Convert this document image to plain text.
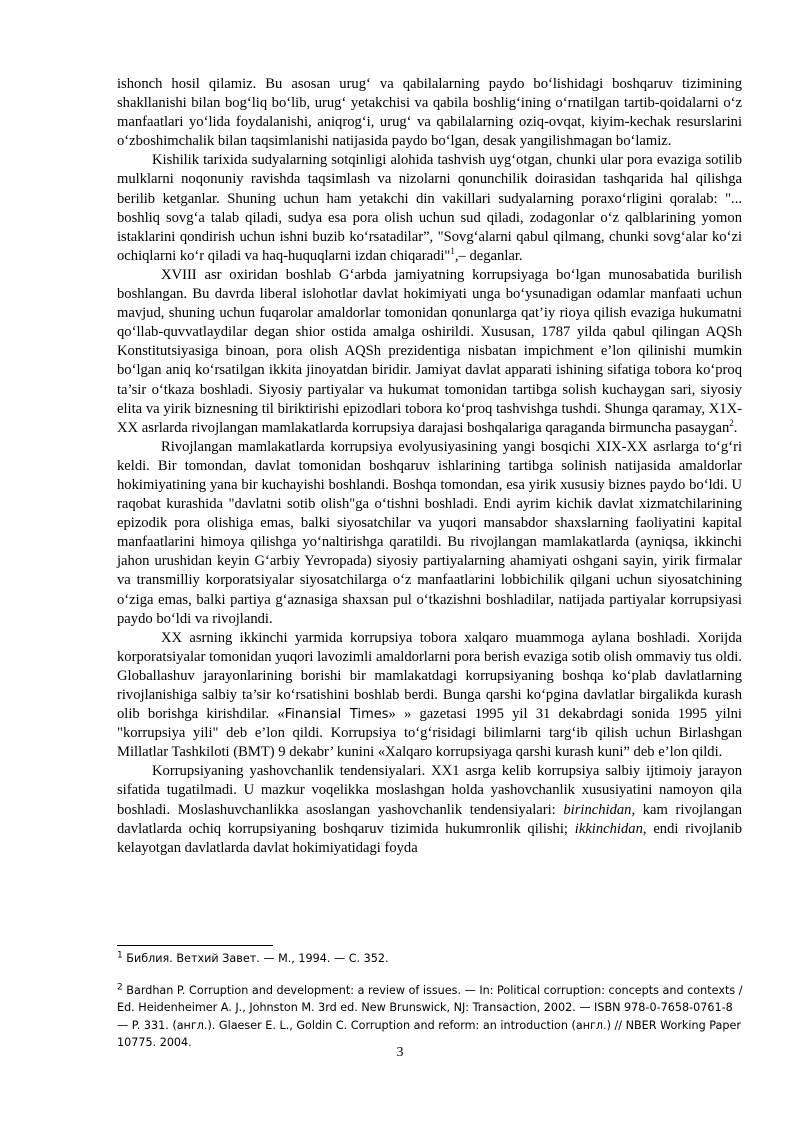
ishonch hosil qilamiz. Bu asosan urug‘ va qabilalarning paydo bo‘lishidagi boshqaruv tizimining shakllanishi bilan bog‘liq bo‘lib, urug‘ yetakchisi va qabila boshlig‘ining o‘rnatilgan tartib-qoidalarni o‘z manfaatlari yo‘lida foydalanishi, aniqrog‘i, urug‘ va qabilalarning oziq-ovqat, kiyim-kechak resurslarini o‘zboshimchalik bilan taqsimlanishi natijasida paydo bo‘lgan, desak yangilishmagan bo‘lamiz.

Kishilik tarixida sudyalarning sotqinligi alohida tashvish uyg‘otgan, chunki ular pora evaziga sotilib mulklarni noqonuniy ravishda taqsimlash va nizolarni qonunchilik doirasidan tashqarida hal qilishga berilib ketganlar. Shuning uchun ham yetakchi din vakillari sudyalarning poraxo‘rligini qoralab: "... boshliq sovg‘a talab qiladi, sudya esa pora olish uchun sud qiladi, zodagonlar o‘z qalblarining yomon istaklarini qondirish uchun ishni buzib ko‘rsatadilar”, "Sovg‘alarni qabul qilmang, chunki sovg‘alar ko‘zi ochiqlarni ko‘r qiladi va haq-huquqlarni izdan chiqaradi"$^1$,– deganlar.

XVIII asr oxiridan boshlab G‘arbda jamiyatning korrupsiyaga bo‘lgan munosabatida burilish boshlangan. Bu davrda liberal islohotlar davlat hokimiyati unga bo‘ysunadigan odamlar manfaati uchun mavjud, shuning uchun fuqarolar amaldorlar tomonidan qonunlarga qat’iy rioya qilish evaziga hukumatni qo‘llab-quvvatlaydilar degan shior ostida amalga oshirildi. Xususan, 1787 yilda qabul qilingan AQSh Konstitutsiyasiga binoan, pora olish AQSh prezidentiga nisbatan impichment e’lon qilinishi mumkin bo‘lgan aniq ko‘rsatilgan ikkita jinoyatdan biridir. Jamiyat davlat apparati ishining sifatiga tobora ko‘proq ta’sir o‘tkaza boshladi. Siyosiy partiyalar va hukumat tomonidan tartibga solish kuchaygan sari, siyosiy elita va yirik biznesning til biriktirishi epizodlari tobora ko‘proq tashvishga tushdi. Shunga qaramay, X1X-XX asrlarda rivojlangan mamlakatlarda korrupsiya darajasi boshqalariga qaraganda birmuncha pasaygan$^2$.

Rivojlangan mamlakatlarda korrupsiya evolyusiyasining yangi bosqichi XIX-XX asrlarga to‘g‘ri keldi. Bir tomondan, davlat tomonidan boshqaruv ishlarining tartibga solinish natijasida amaldorlar hokimiyatining yana bir kuchayishi boshlandi. Boshqa tomondan, esa yirik xususiy biznes paydo bo‘ldi. U raqobat kurashida "davlatni sotib olish"ga o‘tishni boshladi. Endi ayrim kichik davlat xizmatchilarining epizodik pora olishiga emas, balki siyosatchilar va yuqori mansabdor shaxslarning faoliyatini kapital manfaatlarini himoya qilishga yo‘naltirishga qaratildi. Bu rivojlangan mamlakatlarda (ayniqsa, ikkinchi jahon urushidan keyin G‘arbiy Yevropada) siyosiy partiyalarning ahamiyati oshgani sayin, yirik firmalar va transmilliy korporatsiyalar siyosatchilarga o‘z manfaatlarini lobbichilik qilgani uchun siyosatchining o‘ziga emas, balki partiya g‘aznasiga shaxsan pul o‘tkazishni boshladilar, natijada partiyalar korrupsiyasi paydo bo‘ldi va rivojlandi.

XX asrning ikkinchi yarmida korrupsiya tobora xalqaro muammoga aylana boshladi. Xorijda korporatsiyalar tomonidan yuqori lavozimli amaldorlarni pora berish evaziga sotib olish ommaviy tus oldi. Globallashuv jarayonlarining borishi bir mamlakatdagi korrupsiyaning boshqa ko‘plab davlatlarning rivojlanishiga salbiy ta’sir ko‘rsatishini boshlab berdi. Bunga qarshi ko‘pgina davlatlar birgalikda kurash olib borishga kirishdilar. «Finansial Times» » gazetasi 1995 yil 31 dekabrdagi sonida 1995 yilni "korrupsiya yili" deb e’lon qildi. Korrupsiya to‘g‘risidagi bilimlarni targ‘ib qilish uchun Birlashgan Millatlar Tashkiloti (BMT) 9 dekabr’ kunini «Xalqaro korrupsiyaga qarshi kurash kuni” deb e’lon qildi.

Korrupsiyaning yashovchanlik tendensiyalari. XX1 asrga kelib korrupsiya salbiy ijtimoiy jarayon sifatida tugatilmadi. U mazkur voqelikka moslashgan holda yashovchanlik xususiyatini namoyon qila boshladi. Moslashuvchanlikka asoslangan yashovchanlik tendensiyalari: birinchidan, kam rivojlangan davlatlarda ochiq korrupsiyaning boshqaruv tizimida hukumronlik qilishi; ikkinchidan, endi rivojlanib kelayotgan davlatlarda davlat hokimiyatidagi foyda

$^1$ Библия. Ветхий Завет. — М., 1994. — С. 352.

$^2$ Bardhan P. Corruption and development: a review of issues. — In: Political corruption: concepts and contexts / Ed. Heidenheimer A. J., Johnston M. 3rd ed. New Brunswick, NJ: Transaction, 2002. — ISBN 978-0-7658-0761-8 — P. 331. (англ.). Glaeser E. L., Goldin C. Corruption and reform: an introduction (англ.) // NBER Working Paper 10775. 2004.

3
